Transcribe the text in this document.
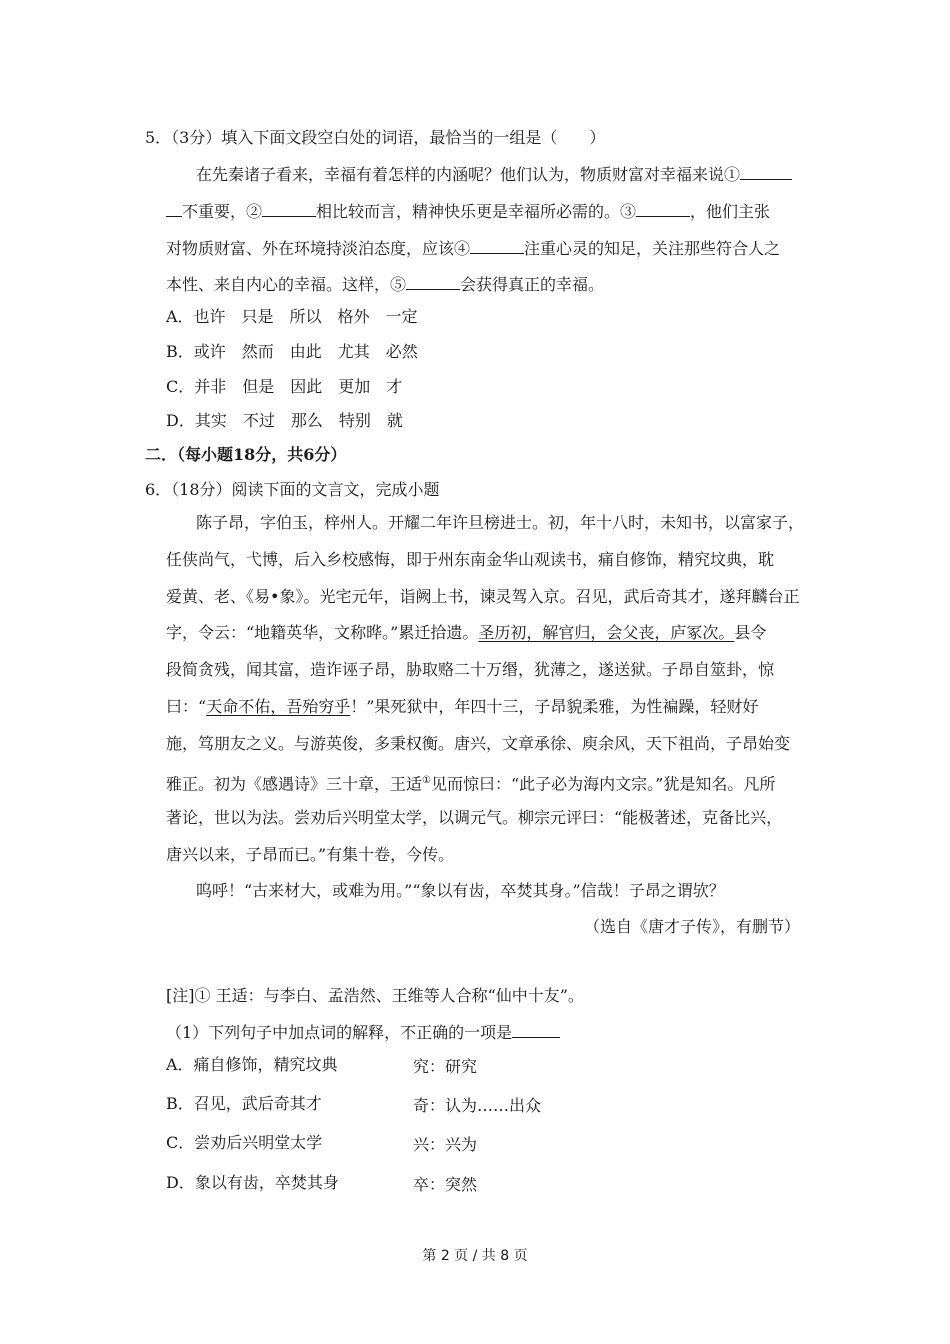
5．（3分）填入下面文段空白处的词语，最恰当的一组是（　　）
在先秦诸子看来，幸福有着怎样的内涵呢？他们认为，物质财富对幸福来说①
不重要，②	相比较而言，精神快乐更是幸福所必需的。③	，他们主张
对物质财富、外在环境持淡泊态度，应该④	注重心灵的知足，关注那些符合人之
本性、来自内心的幸福。这样，⑤	会获得真正的幸福。
A．也许　只是　所以　格外　一定
B．或许　然而　由此　尤其　必然
C．并非　但是　因此　更加　才
D．其实　不过　那么　特别　就
二．（每小题18分，共6分）
6．（18分）阅读下面的文言文，完成小题
陈子昂，字伯玉，梓州人。开耀二年许旦榜进士。初，年十八时，未知书，以富家子，
任侠尚气，弋博，后入乡校感悔，即于州东南金华山观读书，痛自修饰，精究坟典，耽
爱黄、老、《易•象》。光宅元年，诣阙上书，谏灵驾入京。召见，武后奇其才，遂拜麟台正
字，令云：“地籍英华，文称晔。”累迁拾遗。圣历初，解官归，会父丧，庐冢次。县令
段简贪残，闻其富，造诈诬子昂，胁取赂二十万缗，犹薄之，遂送狱。子昂自筮卦，惊
曰：“天命不佑，吾殆穷乎！”果死狱中，年四十三，子昂貌柔雅，为性褊躁，轻财好
施，笃朋友之义。与游英俊，多秉权衡。唐兴，文章承徐、庾余风，天下祖尚，子昂始变
雅正。初为《感遇诗》三十章，王适①见而惊曰：“此子必为海内文宗。”犹是知名。凡所
著论，世以为法。尝劝后兴明堂太学，以调元气。柳宗元评曰：“能极著述，克备比兴，
唐兴以来，子昂而已。”有集十卷，今传。
呜呼！“古来材大，或难为用。”“象以有齿，卒焚其身。”信哉！子昂之谓欤？
（选自《唐才子传》，有删节）
[注]① 王适：与李白、孟浩然、王维等人合称“仙中十友”。
（1）下列句子中加点词的解释，不正确的一项是
A．痛自修饰，精究坟典	究：研究
B．召见，武后奇其才	奇：认为……出众
C．尝劝后兴明堂太学	兴：兴为
D．象以有齿，卒焚其身	卒：突然
第 2 页 / 共 8 页
